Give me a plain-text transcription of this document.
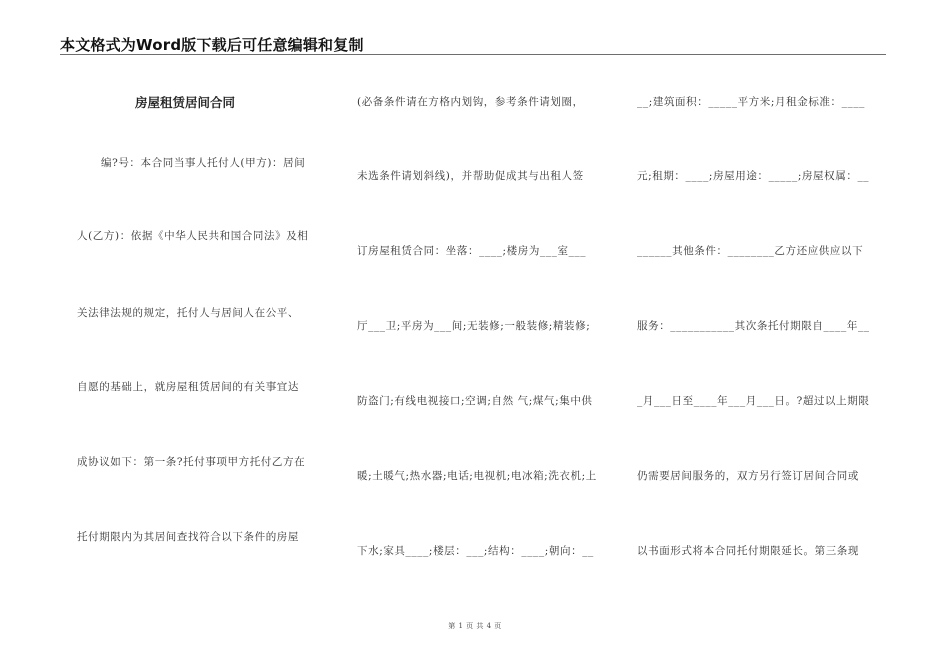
本文格式为Word版下载后可任意编辑和复制
房屋租赁居间合同
编?号：本合同当事人托付人(甲方)：居间
人(乙方)：依据《中华人民共和国合同法》及相
关法律法规的规定，托付人与居间人在公平、
自愿的基础上，就房屋租赁居间的有关事宜达
成协议如下：第一条?托付事项甲方托付乙方在
托付期限内为其居间查找符合以下条件的房屋
(必备条件请在方格内划钩，参考条件请划圈，
未选条件请划斜线)，并帮助促成其与出租人签
订房屋租赁合同：坐落：____;楼房为___室___
厅___卫;平房为___间;无装修;一般装修;精装修;
防盗门;有线电视接口;空调;自然 气;煤气;集中供
暖;土暖气;热水器;电话;电视机;电冰箱;洗衣机;上
下水;家具____;楼层：___;结构：____;朝向：__
__;建筑面积：_____平方米;月租金标准：____
元;租期：____;房屋用途：_____;房屋权属：__
______其他条件：________乙方还应供应以下
服务：___________其次条托付期限自____年__
_月___日至____年___月___日。?超过以上期限
仍需要居间服务的，双方另行签订居间合同或
以书面形式将本合同托付期限延长。第三条现
第 1 页 共 4 页
